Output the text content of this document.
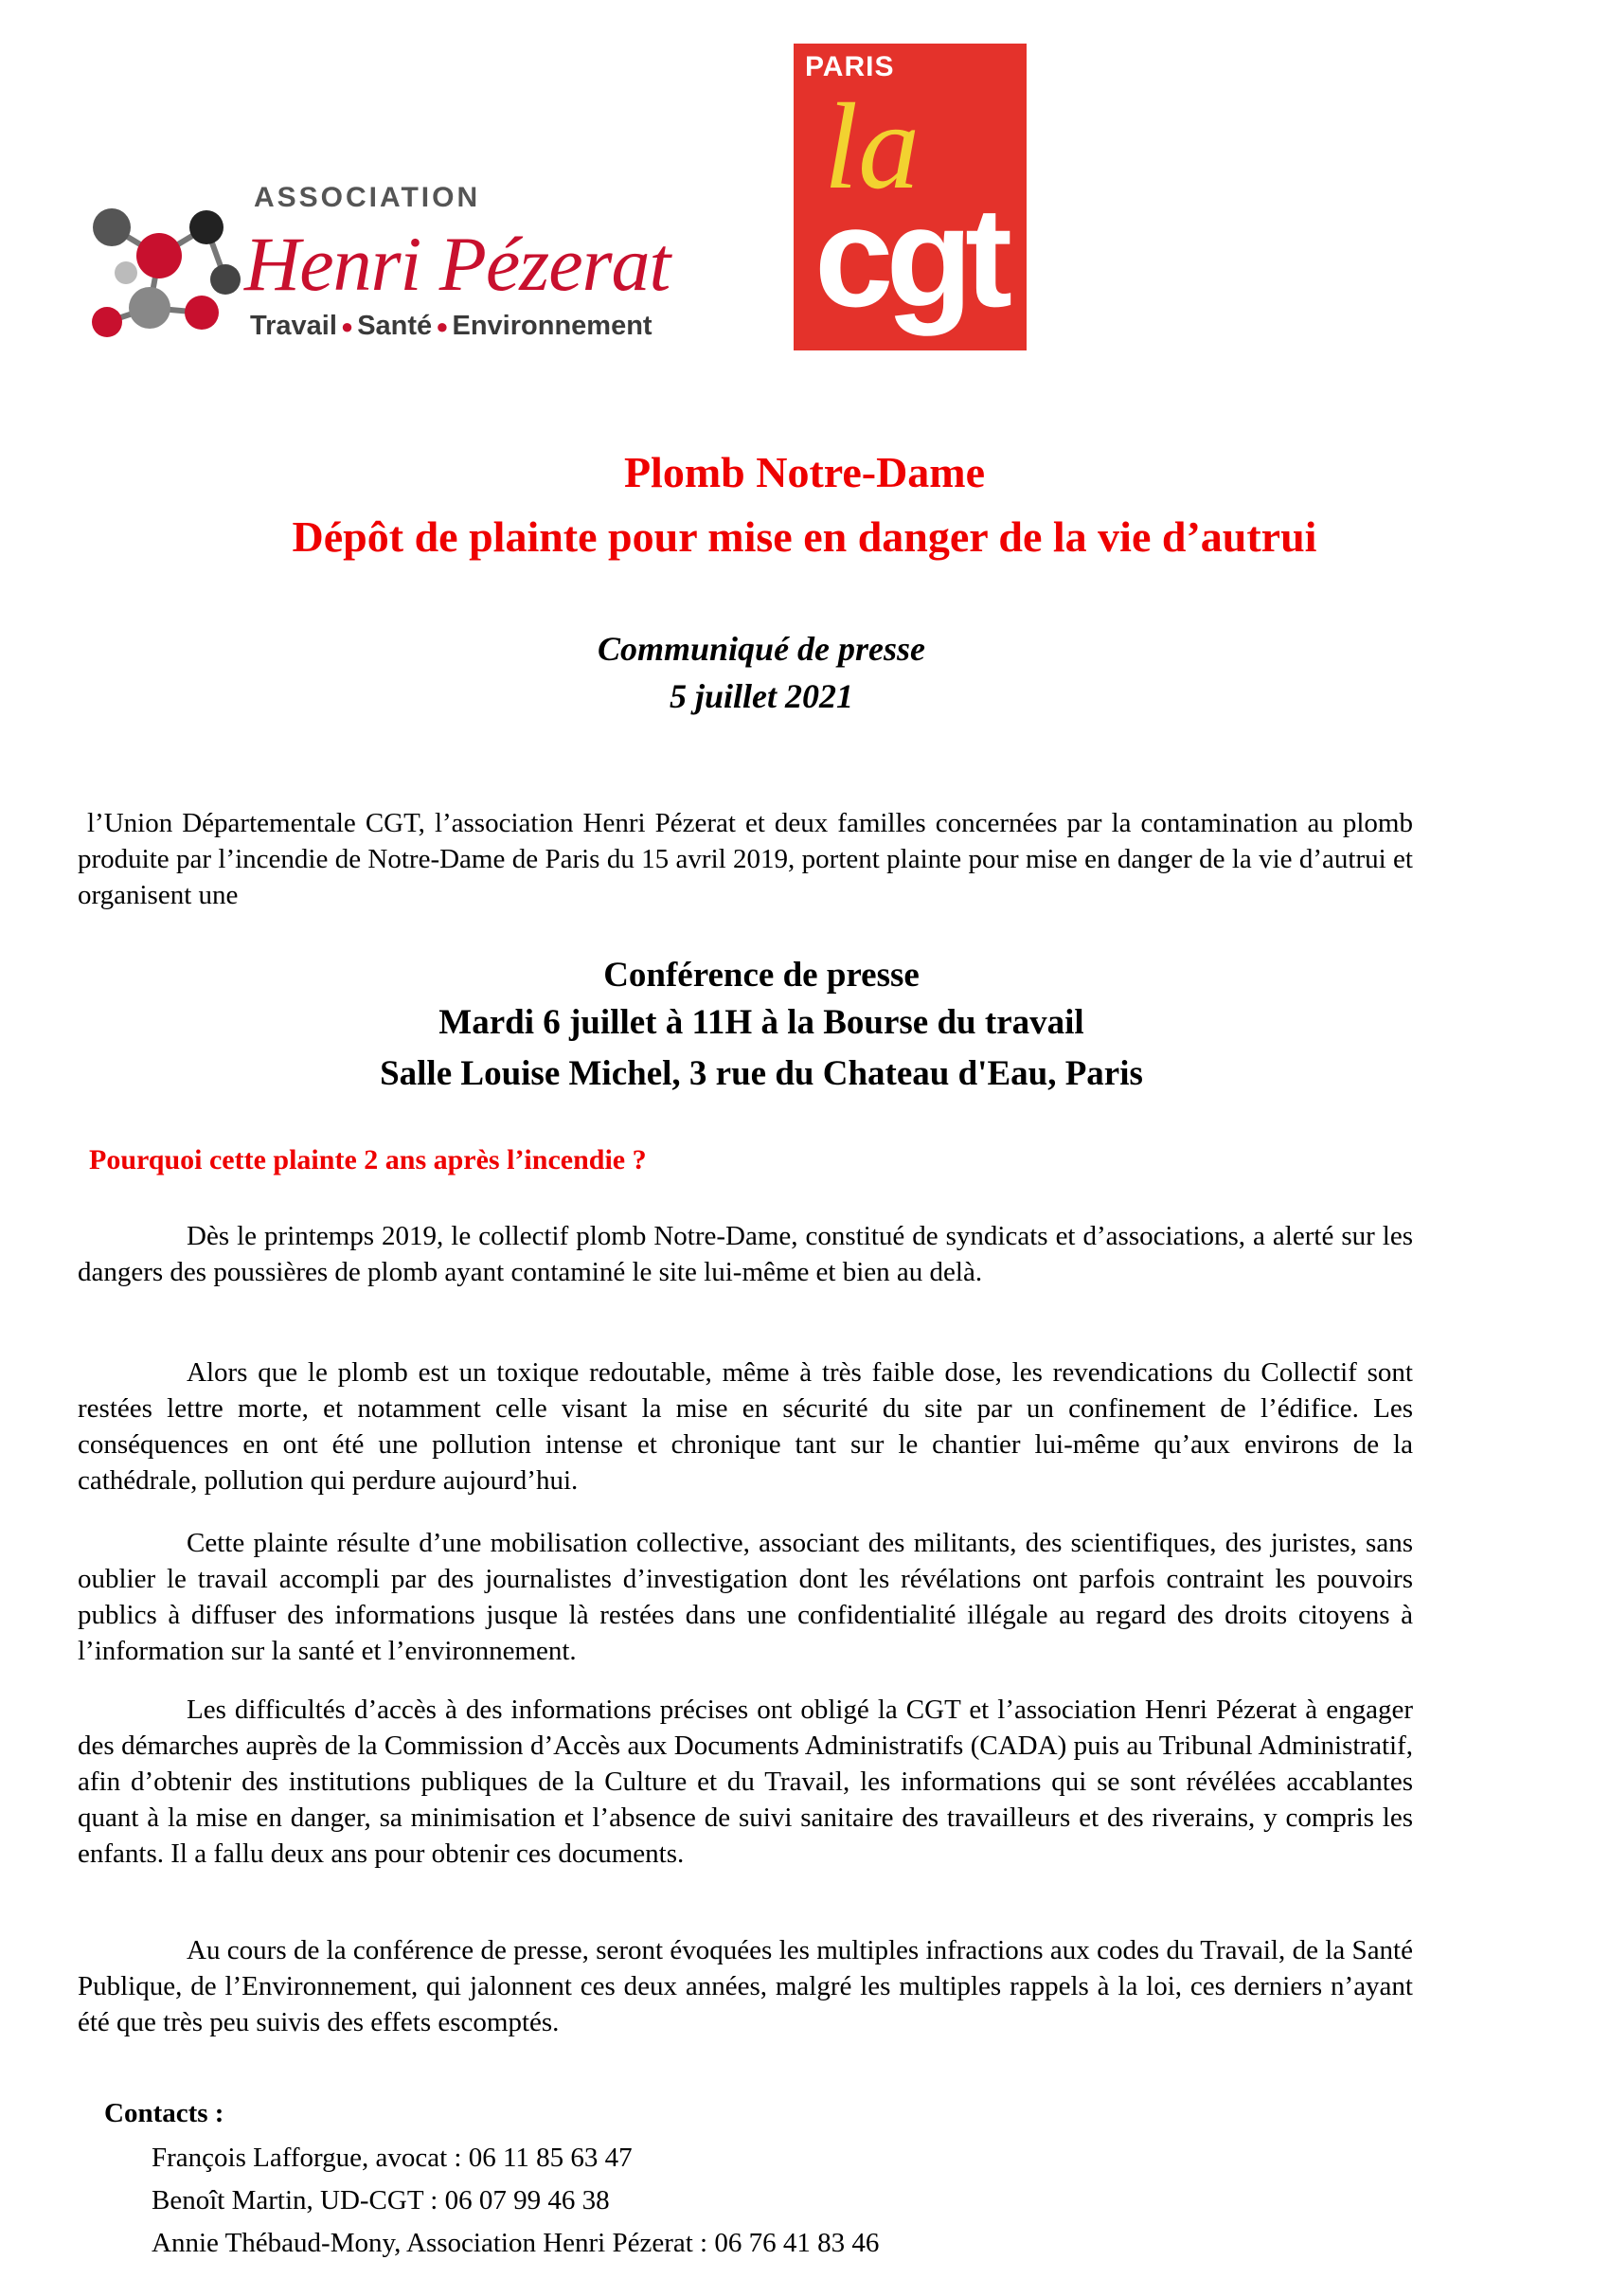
ASSOCIATION
Henri Pézerat
Travail ● Santé ● Environnement
PARIS
la
cgt
Plomb Notre-Dame
Dépôt de plainte pour mise en danger de la vie d’autrui
Communiqué de presse
5 juillet 2021

l’Union Départementale CGT, l’association Henri Pézerat et deux familles concernées par la contamination au plomb produite par l’incendie de Notre-Dame de Paris du 15 avril 2019, portent plainte pour mise en danger de la vie d’autrui et organisent une

Conférence de presse
Mardi 6 juillet à 11H à la Bourse du travail
Salle Louise Michel, 3 rue du Chateau d'Eau, Paris
Pourquoi cette plainte 2 ans après l’incendie ?

Dès le printemps 2019, le collectif plomb Notre-Dame, constitué de syndicats et d’associations, a alerté sur les dangers des poussières de plomb ayant contaminé le site lui-même et bien au delà.

Alors que le plomb est un toxique redoutable, même à très faible dose, les revendications du Collectif sont restées lettre morte, et notamment celle visant la mise en sécurité du site par un confinement de l’édifice. Les conséquences en ont été une pollution intense et chronique tant sur le chantier lui-même qu’aux environs de la cathédrale, pollution qui perdure aujourd’hui.

Cette plainte résulte d’une mobilisation collective, associant des militants, des scientifiques, des juristes, sans oublier le travail accompli par des journalistes d’investigation dont les révélations ont parfois contraint les pouvoirs publics à diffuser des informations jusque là restées dans une confidentialité illégale au regard des droits citoyens à l’information sur la santé et l’environnement.

Les difficultés d’accès à des informations précises ont obligé la CGT et l’association Henri Pézerat à engager des démarches auprès de la Commission d’Accès aux Documents Administratifs (CADA) puis au Tribunal Administratif, afin d’obtenir des institutions publiques de la Culture et du Travail, les informations qui se sont révélées accablantes quant à la mise en danger, sa minimisation et l’absence de suivi sanitaire des travailleurs et des riverains, y compris les enfants. Il a fallu deux ans pour obtenir ces documents.

Au cours de la conférence de presse, seront évoquées les multiples infractions aux codes du Travail, de la Santé Publique, de l’Environnement, qui jalonnent ces deux années, malgré les multiples rappels à la loi, ces derniers n’ayant été que très peu suivis des effets escomptés.

Contacts :
François Lafforgue, avocat : 06 11 85 63 47
Benoît Martin, UD-CGT : 06 07 99 46 38
Annie Thébaud-Mony, Association Henri Pézerat : 06 76 41 83 46
